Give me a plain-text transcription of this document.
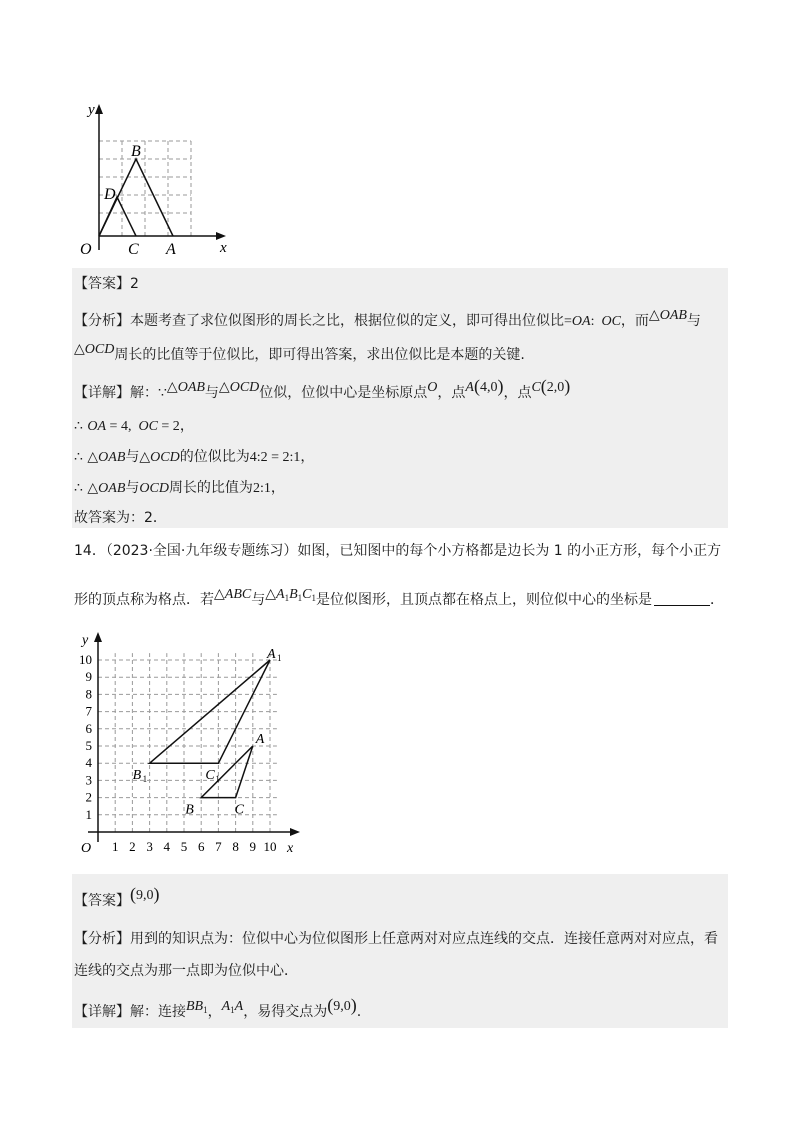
y
x
O C A
B
D
【答案】2
【分析】本题考查了求位似图形的周长之比，根据位似的定义，即可得出位似比=OA:  OC，而△OAB与
△OCD周长的比值等于位似比，即可得出答案，求出位似比是本题的关键.
【详解】解：∵△OAB与△OCD位似，位似中心是坐标原点O，点A(4,0)，点C(2,0)
∴ OA = 4,  OC = 2，
∴ △OAB与△OCD的位似比为4:2 = 2:1，
∴ △OAB与OCD周长的比值为2:1，
故答案为：2．
14．（2023·全国·九年级专题练习）如图，已知图中的每个小方格都是边长为 1 的小正方形，每个小正方
形的顶点称为格点．若△ABC与$\triangle A_1B_1C_1$是位似图形，且顶点都在格点上，则位似中心的坐标是	．
y
x
O 1 2 3 4 5 6 7 8 9 10
1
2
3
4
5
6
7
8
9
10	A 1
B 1	C 1
A
B	C
【答案】(9,0)
【分析】用到的知识点为：位似中心为位似图形上任意两对对应点连线的交点．连接任意两对对应点，看
连线的交点为那一点即为位似中心．
【详解】解：连接$BB_1$，$A_1A$，易得交点为(9,0).
